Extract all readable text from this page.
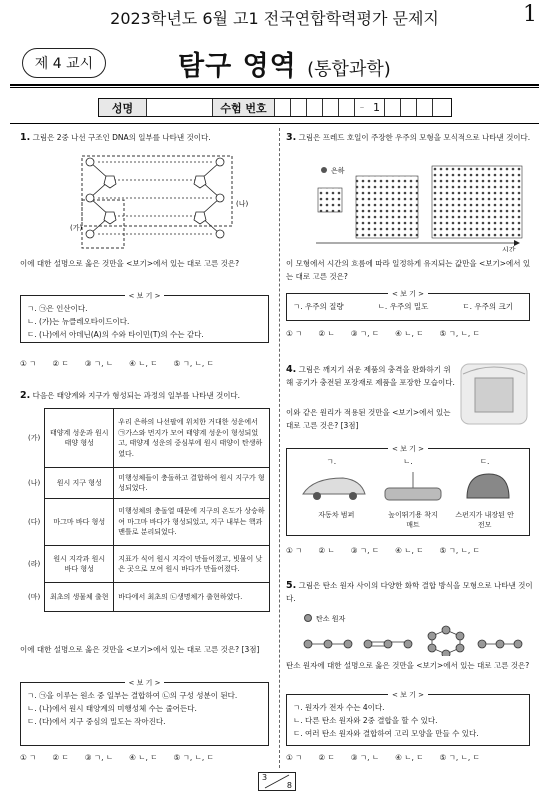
2023학년도 6월 고1 전국연합학력평가 문제지	1
제 4 교시	탐구 영역 (통합과학)
성명	수험 번호	— 1
1. 그림은 2중 나선 구조인 DNA의 일부를 나타낸 것이다.
(나)
(가)
이에 대한 설명으로 옳은 것만을 <보기>에서 있는 대로 고른 것은?
< 보 기 >
ㄱ. ㉠은 인산이다.
ㄴ. (가)는 뉴클레오타이드이다.
ㄷ. (나)에서 아데닌(A)의 수와 타이민(T)의 수는 같다.
① ㄱ ② ㄷ ③ ㄱ, ㄴ ④ ㄴ, ㄷ ⑤ ㄱ, ㄴ, ㄷ
2. 다음은 태양계와 지구가 형성되는 과정의 일부를 나타낸 것이다.
(가)	태양계 성운과 원시 태양 형성	우리 은하의 나선팔에 위치한 거대한 성운에서 ㉠가스와 먼지가 모여 태양계 성운이 형성되었고, 태양계 성운의 중심부에 원시 태양이 탄생하였다.
(나)	원시 지구 형성	미행성체들이 충돌하고 결합하여 원시 지구가 형성되었다.
(다)	마그마 바다 형성	미행성체의 충돌열 때문에 지구의 온도가 상승하여 마그마 바다가 형성되었고, 지구 내부는 핵과 맨틀로 분리되었다.
(라)	원시 지각과 원시 바다 형성	지표가 식어 원시 지각이 만들어졌고, 빗물이 낮은 곳으로 모여 원시 바다가 만들어졌다.
(마)	최초의 생물체 출현	바다에서 최초의 ㉡생명체가 출현하였다.
이에 대한 설명으로 옳은 것만을 <보기>에서 있는 대로 고른 것은? [3점]
< 보 기 >
ㄱ. ㉠을 이루는 원소 중 일부는 결합하여 ㉡의 구성 성분이 된다.
ㄴ. (나)에서 원시 태양계의 미행성체 수는 줄어든다.
ㄷ. (다)에서 지구 중심의 밀도는 작아진다.
① ㄱ ② ㄷ ③ ㄱ, ㄴ ④ ㄴ, ㄷ ⑤ ㄱ, ㄴ, ㄷ
3. 그림은 프레드 호일이 주장한 우주의 모형을 모식적으로 나타낸 것이다.
은하
시간
이 모형에서 시간의 흐름에 따라 일정하게 유지되는 값만을 <보기>에서 있는 대로 고른 것은?
< 보 기 >
ㄱ. 우주의 질량	ㄴ. 우주의 밀도	ㄷ. 우주의 크기
① ㄱ ② ㄴ ③ ㄱ, ㄷ ④ ㄴ, ㄷ ⑤ ㄱ, ㄴ, ㄷ
4. 그림은 깨지기 쉬운 제품의 충격을 완화하기 위해 공기가 충전된 포장재로 제품을 포장한 모습이다.
이와 같은 원리가 적용된 것만을 <보기>에서 있는 대로 고른 것은? [3점]
< 보 기 >
ㄱ.	ㄴ.	ㄷ.
자동차 범퍼	높이뛰기용 착지 매트
스펀지가 내장된 안전모
① ㄱ ② ㄴ ③ ㄱ, ㄷ ④ ㄴ, ㄷ ⑤ ㄱ, ㄴ, ㄷ
5. 그림은 탄소 원자 사이의 다양한 화학 결합 방식을 모형으로 나타낸 것이다.
탄소 원자
탄소 원자에 대한 설명으로 옳은 것만을 <보기>에서 있는 대로 고른 것은?
< 보 기 >
ㄱ. 원자가 전자 수는 4이다.
ㄴ. 다른 탄소 원자와 2중 결합을 할 수 있다.
ㄷ. 여러 탄소 원자와 결합하여 고리 모양을 만들 수 있다.
① ㄱ ② ㄷ ③ ㄱ, ㄴ ④ ㄴ, ㄷ ⑤ ㄱ, ㄴ, ㄷ
3
8
